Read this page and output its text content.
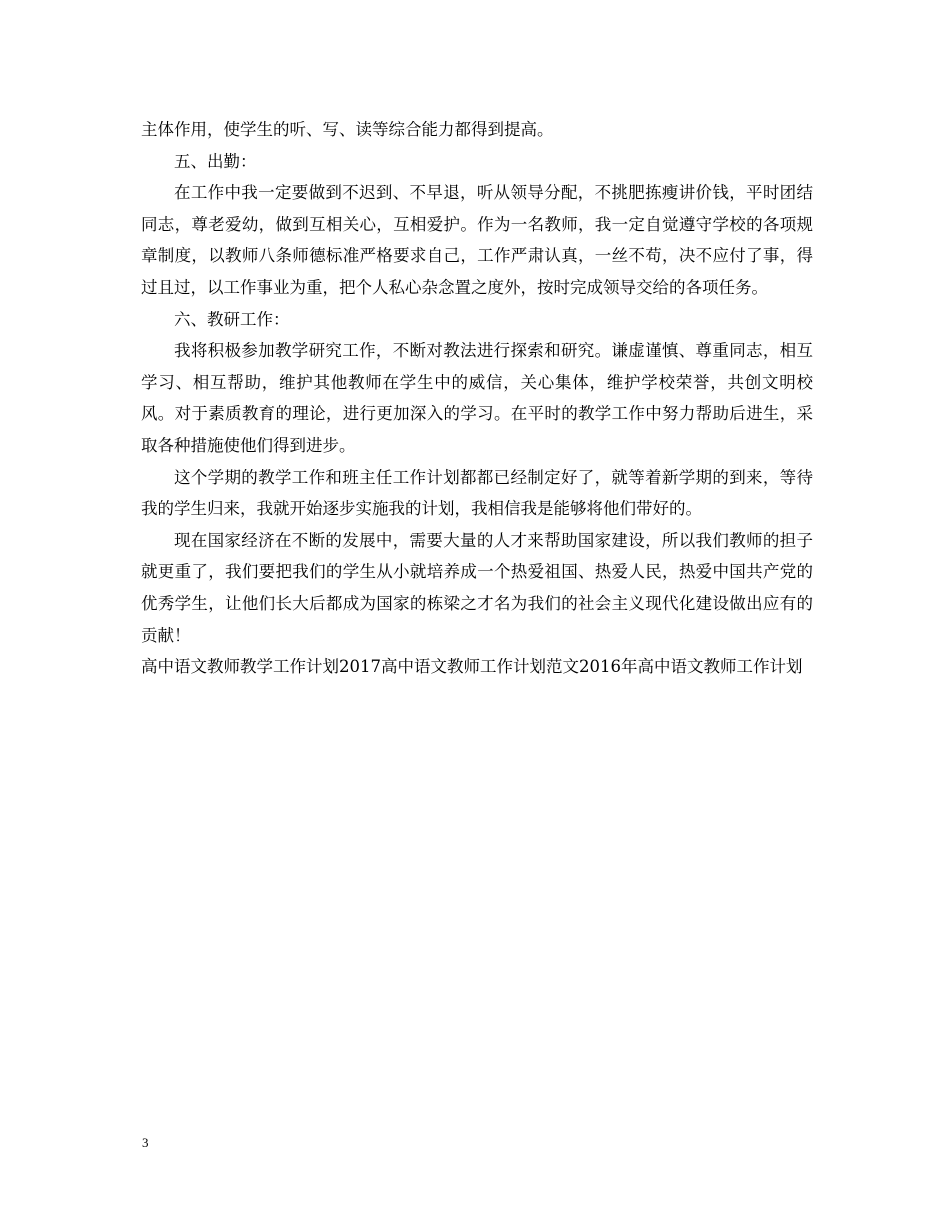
主体作用，使学生的听、写、读等综合能力都得到提高。

五、出勤：

在工作中我一定要做到不迟到、不早退，听从领导分配，不挑肥拣瘦讲价钱，平时团结同志，尊老爱幼，做到互相关心，互相爱护。作为一名教师，我一定自觉遵守学校的各项规章制度，以教师八条师德标准严格要求自己，工作严肃认真，一丝不苟，决不应付了事，得过且过，以工作事业为重，把个人私心杂念置之度外，按时完成领导交给的各项任务。

六、教研工作：

我将积极参加教学研究工作，不断对教法进行探索和研究。谦虚谨慎、尊重同志，相互学习、相互帮助，维护其他教师在学生中的威信，关心集体，维护学校荣誉，共创文明校风。对于素质教育的理论，进行更加深入的学习。在平时的教学工作中努力帮助后进生，采取各种措施使他们得到进步。

这个学期的教学工作和班主任工作计划都都已经制定好了，就等着新学期的到来，等待我的学生归来，我就开始逐步实施我的计划，我相信我是能够将他们带好的。

现在国家经济在不断的发展中，需要大量的人才来帮助国家建设，所以我们教师的担子就更重了，我们要把我们的学生从小就培养成一个热爱祖国、热爱人民，热爱中国共产党的优秀学生，让他们长大后都成为国家的栋梁之才名为我们的社会主义现代化建设做出应有的贡献！

高中语文教师教学工作计划2017高中语文教师工作计划范文2016年高中语文教师工作计划

3
